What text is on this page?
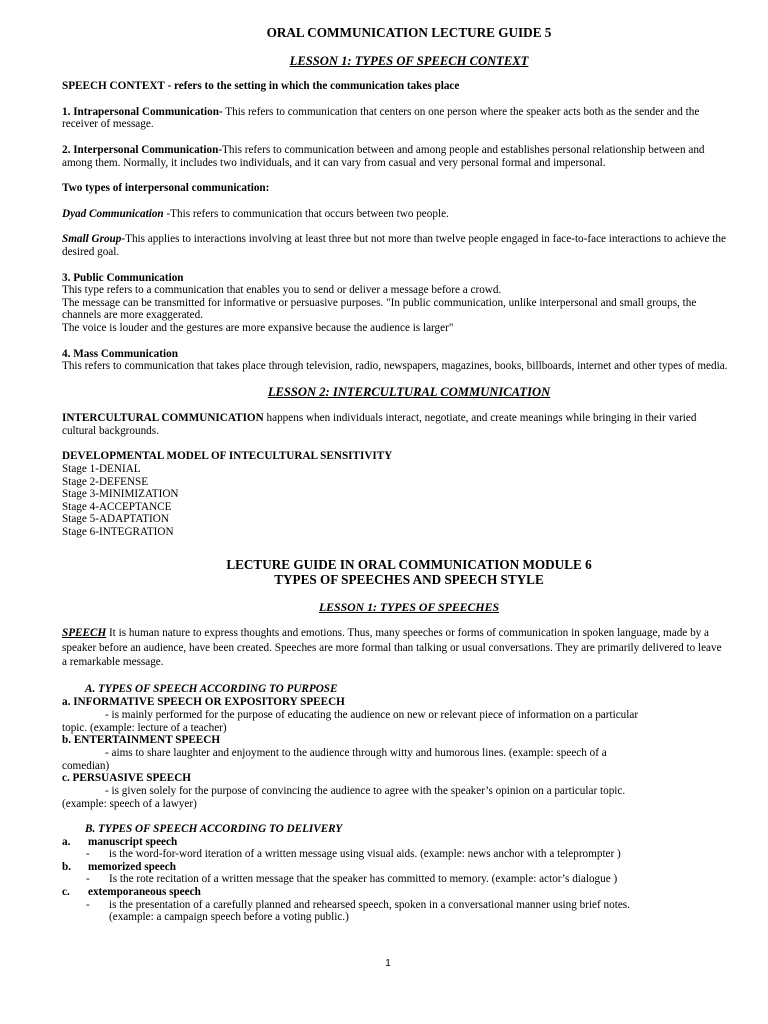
ORAL COMMUNICATION LECTURE GUIDE 5
LESSON 1: TYPES OF SPEECH CONTEXT
SPEECH CONTEXT - refers to the setting in which the communication takes place
1. Intrapersonal Communication- This refers to communication that centers on one person where the speaker acts both as the sender and the receiver of message.
2. Interpersonal Communication-This refers to communication between and among people and establishes personal relationship between and among them. Normally, it includes two individuals, and it can vary from casual and very personal formal and impersonal.
Two types of interpersonal communication:
Dyad Communication -This refers to communication that occurs between two people.
Small Group-This applies to interactions involving at least three but not more than twelve people engaged in face-to-face interactions to achieve the desired goal.
3. Public Communication
This type refers to a communication that enables you to send or deliver a message before a crowd.
The message can be transmitted for informative or persuasive purposes. "In public communication, unlike interpersonal and small groups, the channels are more exaggerated.
The voice is louder and the gestures are more expansive because the audience is larger"
4. Mass Communication
This refers to communication that takes place through television, radio, newspapers, magazines, books, billboards, internet and other types of media.
LESSON 2: INTERCULTURAL COMMUNICATION
INTERCULTURAL COMMUNICATION happens when individuals interact, negotiate, and create meanings while bringing in their varied cultural backgrounds.
DEVELOPMENTAL MODEL OF INTECULTURAL SENSITIVITY
Stage 1-DENIAL
Stage 2-DEFENSE
Stage 3-MINIMIZATION
Stage 4-ACCEPTANCE
Stage 5-ADAPTATION
Stage 6-INTEGRATION
LECTURE GUIDE IN ORAL COMMUNICATION MODULE 6
TYPES OF SPEECHES AND SPEECH STYLE
LESSON 1: TYPES OF SPEECHES
SPEECH It is human nature to express thoughts and emotions. Thus, many speeches or forms of communication in spoken language, made by a speaker before an audience, have been created. Speeches are more formal than talking or usual conversations. They are primarily delivered to leave a remarkable message.
A. TYPES OF SPEECH ACCORDING TO PURPOSE
a. INFORMATIVE SPEECH OR EXPOSITORY SPEECH
- is mainly performed for the purpose of educating the audience on new or relevant piece of information on a particular
topic. (example: lecture of a teacher)
b. ENTERTAINMENT SPEECH
- aims to share laughter and enjoyment to the audience through witty and humorous lines. (example: speech of a
comedian)
c. PERSUASIVE SPEECH
- is given solely for the purpose of convincing the audience to agree with the speaker’s opinion on a particular topic.
(example: speech of a lawyer)
B. TYPES OF SPEECH ACCORDING TO DELIVERY
a.	manuscript speech
-	is the word-for-word iteration of a written message using visual aids. (example: news anchor with a teleprompter )
b.	memorized speech
-	Is the rote recitation of a written message that the speaker has committed to memory. (example: actor’s dialogue )
c.	extemporaneous speech
-	is the presentation of a carefully planned and rehearsed speech, spoken in a conversational manner using brief notes.
(example: a campaign speech before a voting public.)
1
